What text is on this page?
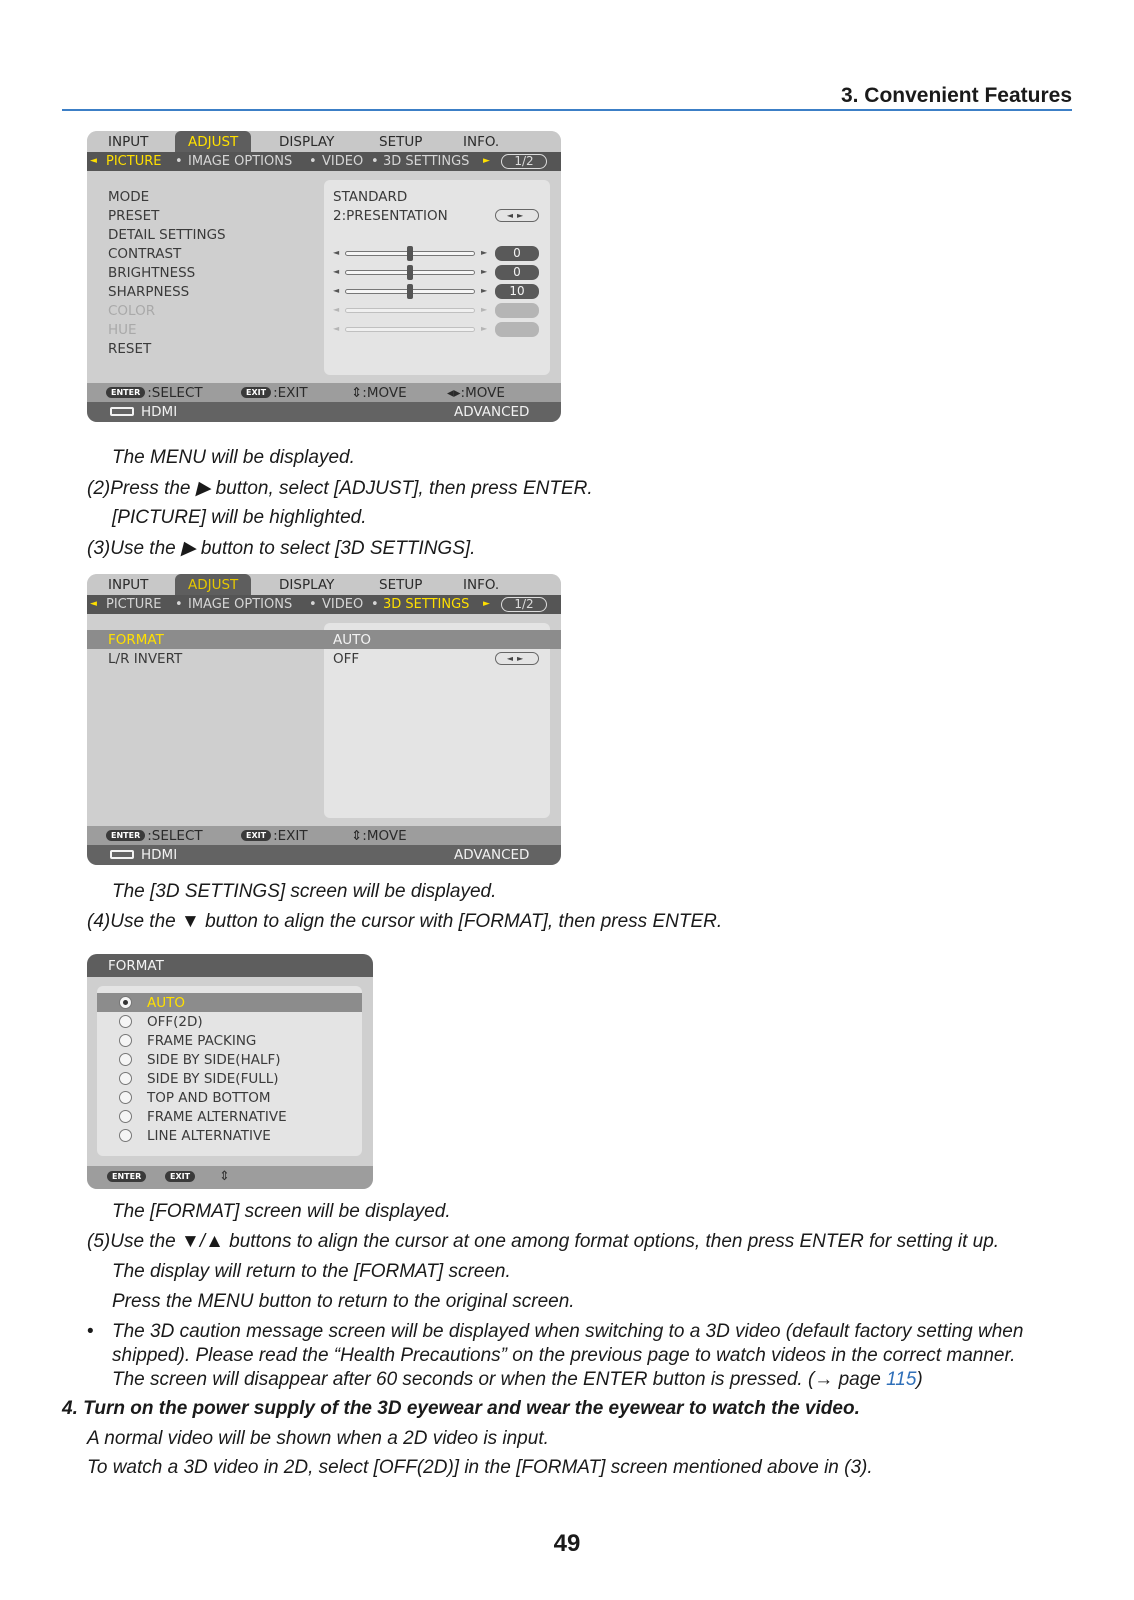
3. Convenient Features
INPUT	ADJUST	DISPLAY	SETUP	INFO.
◄ PICTURE • IMAGE OPTIONS • VIDEO • 3D SETTINGS ►	1/2
MODE	STANDARD
PRESET	2:PRESENTATION	◄►
DETAIL SETTINGS
CONTRAST	◄	►	0
BRIGHTNESS	◄	►	0
SHARPNESS	◄	►	10
COLOR	◄	►
HUE	◄	►
RESET
ENTER :SELECT	EXIT :EXIT	⇕:MOVE	◂▸:MOVE
HDMI	ADVANCED
The MENU will be displayed.
(2)Press the ▶ button, select [ADJUST], then press ENTER.
[PICTURE] will be highlighted.
(3)Use the ▶ button to select [3D SETTINGS].
INPUT	ADJUST	DISPLAY	SETUP	INFO.
◄ PICTURE • IMAGE OPTIONS • VIDEO • 3D SETTINGS ►	1/2
FORMAT	AUTO
L/R INVERT	OFF	◄►
ENTER :SELECT	EXIT :EXIT	⇕:MOVE
HDMI	ADVANCED
The [3D SETTINGS] screen will be displayed.
(4)Use the ▼ button to align the cursor with [FORMAT], then press ENTER.
FORMAT
AUTO
OFF(2D)
FRAME PACKING
SIDE BY SIDE(HALF)
SIDE BY SIDE(FULL)
TOP AND BOTTOM
FRAME ALTERNATIVE
LINE ALTERNATIVE
ENTER	EXIT	⇕
The [FORMAT] screen will be displayed.
(5)Use the ▼/▲ buttons to align the cursor at one among format options, then press ENTER for setting it up.
The display will return to the [FORMAT] screen.
Press the MENU button to return to the original screen.
• The 3D caution message screen will be displayed when switching to a 3D video (default factory setting when
shipped). Please read the “Health Precautions” on the previous page to watch videos in the correct manner.
The screen will disappear after 60 seconds or when the ENTER button is pressed. (→ page 115)
4. Turn on the power supply of the 3D eyewear and wear the eyewear to watch the video.
A normal video will be shown when a 2D video is input.
To watch a 3D video in 2D, select [OFF(2D)] in the [FORMAT] screen mentioned above in (3).
49
